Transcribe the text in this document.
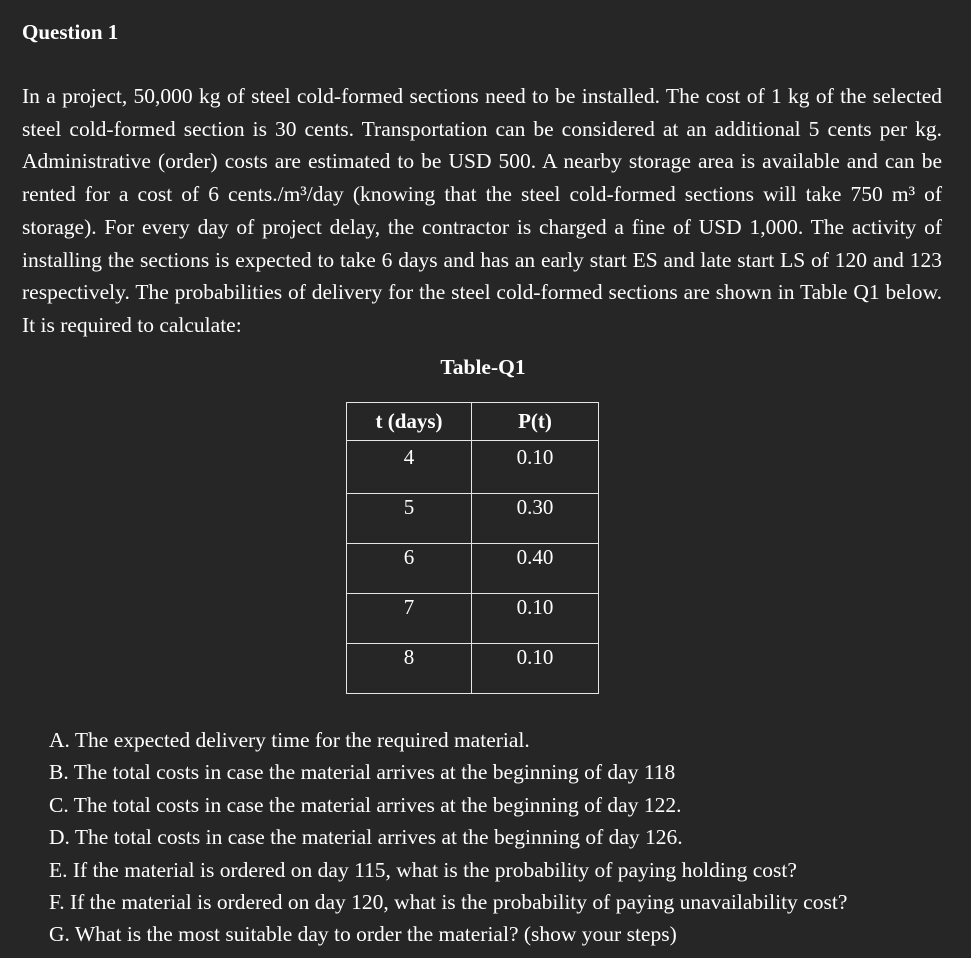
Question 1

In a project, 50,000 kg of steel cold-formed sections need to be installed. The cost of 1 kg of the selected steel cold-formed section is 30 cents. Transportation can be considered at an additional 5 cents per kg. Administrative (order) costs are estimated to be USD 500. A nearby storage area is available and can be rented for a cost of 6 cents./m³/day (knowing that the steel cold-formed sections will take 750 m³ of storage). For every day of project delay, the contractor is charged a fine of USD 1,000. The activity of installing the sections is expected to take 6 days and has an early start ES and late start LS of 120 and 123 respectively. The probabilities of delivery for the steel cold-formed sections are shown in Table Q1 below. It is required to calculate:

Table-Q1
t (days)	P(t)
4	0.10
5	0.30
6	0.40
7	0.10
8	0.10
A. The expected delivery time for the required material.
B. The total costs in case the material arrives at the beginning of day 118
C. The total costs in case the material arrives at the beginning of day 122.
D. The total costs in case the material arrives at the beginning of day 126.
E. If the material is ordered on day 115, what is the probability of paying holding cost?
F. If the material is ordered on day 120, what is the probability of paying unavailability cost?
G. What is the most suitable day to order the material? (show your steps)
